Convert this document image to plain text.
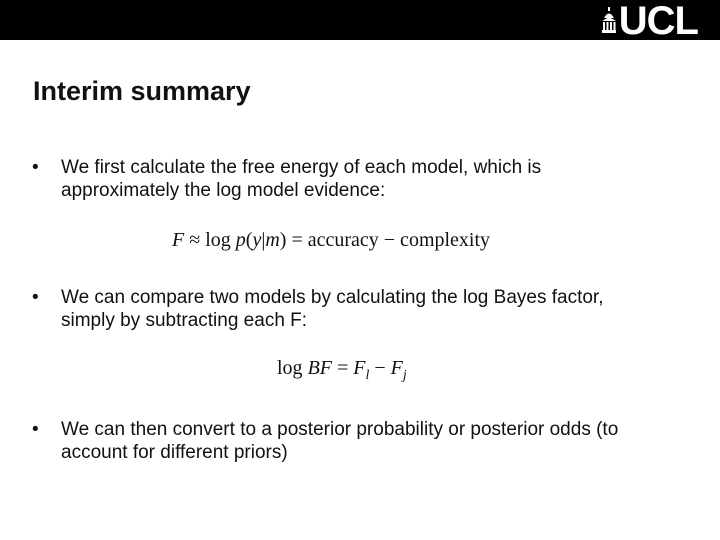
UCL
Interim summary
• We first calculate the free energy of each model, which is
approximately the log model evidence:
F ≈ log p(y|m) = accuracy − complexity
• We can compare two models by calculating the log Bayes factor,
simply by subtracting each F:
log BF = $F_l - F_j$
• We can then convert to a posterior probability or posterior odds (to
account for different priors)
